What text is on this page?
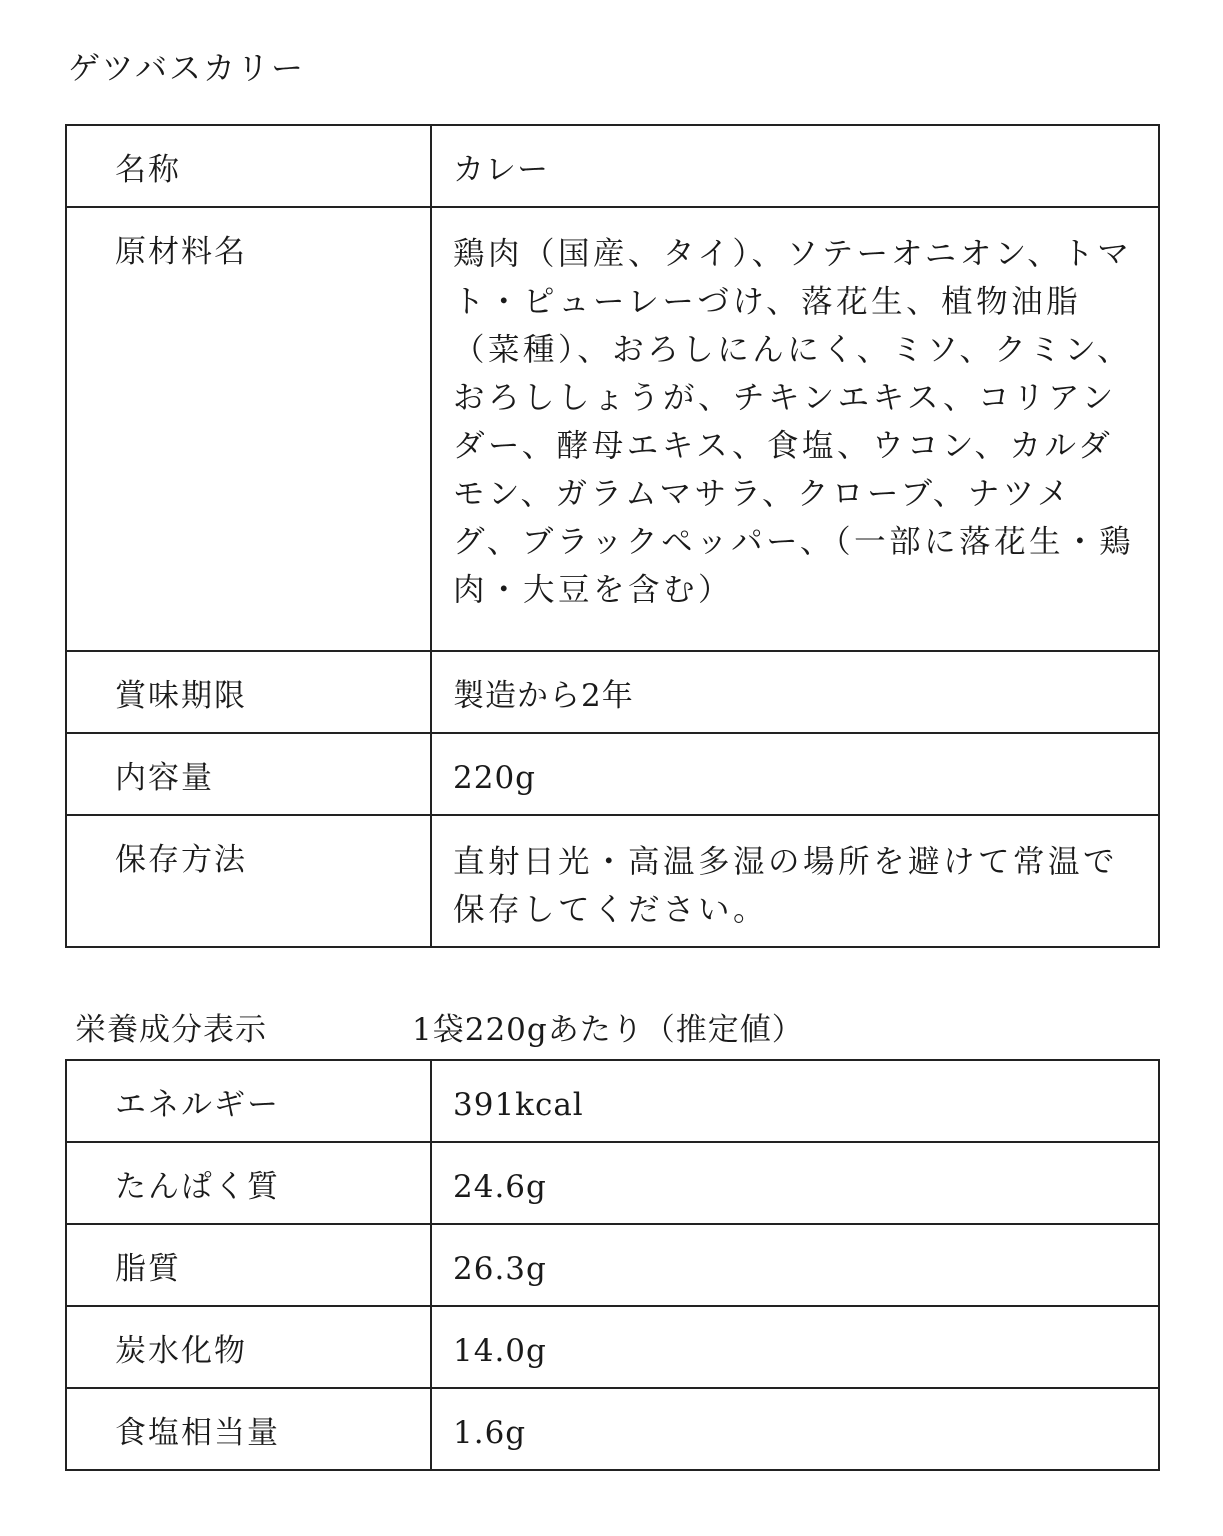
ゲツバスカリー
名称	カレー

原材料名	鶏肉（国産、タイ）、ソテーオニオン、トマト・ピューレーづけ、落花生、植物油脂（菜種）、おろしにんにく、ミソ、クミン、おろししょうが、チキンエキス、コリアンダー、酵母エキス、食塩、ウコン、カルダモン、ガラムマサラ、クローブ、ナツメグ、ブラックペッパー、（一部に落花生・鶏肉・大豆を含む）

賞味期限	製造から2年

内容量	220g

保存方法	直射日光・高温多湿の場所を避けて常温で保存してください。
栄養成分表示	1袋220gあたり（推定値）
エネルギー	391kcal

たんぱく質	24.6g

脂質	26.3g

炭水化物	14.0g

食塩相当量	1.6g
